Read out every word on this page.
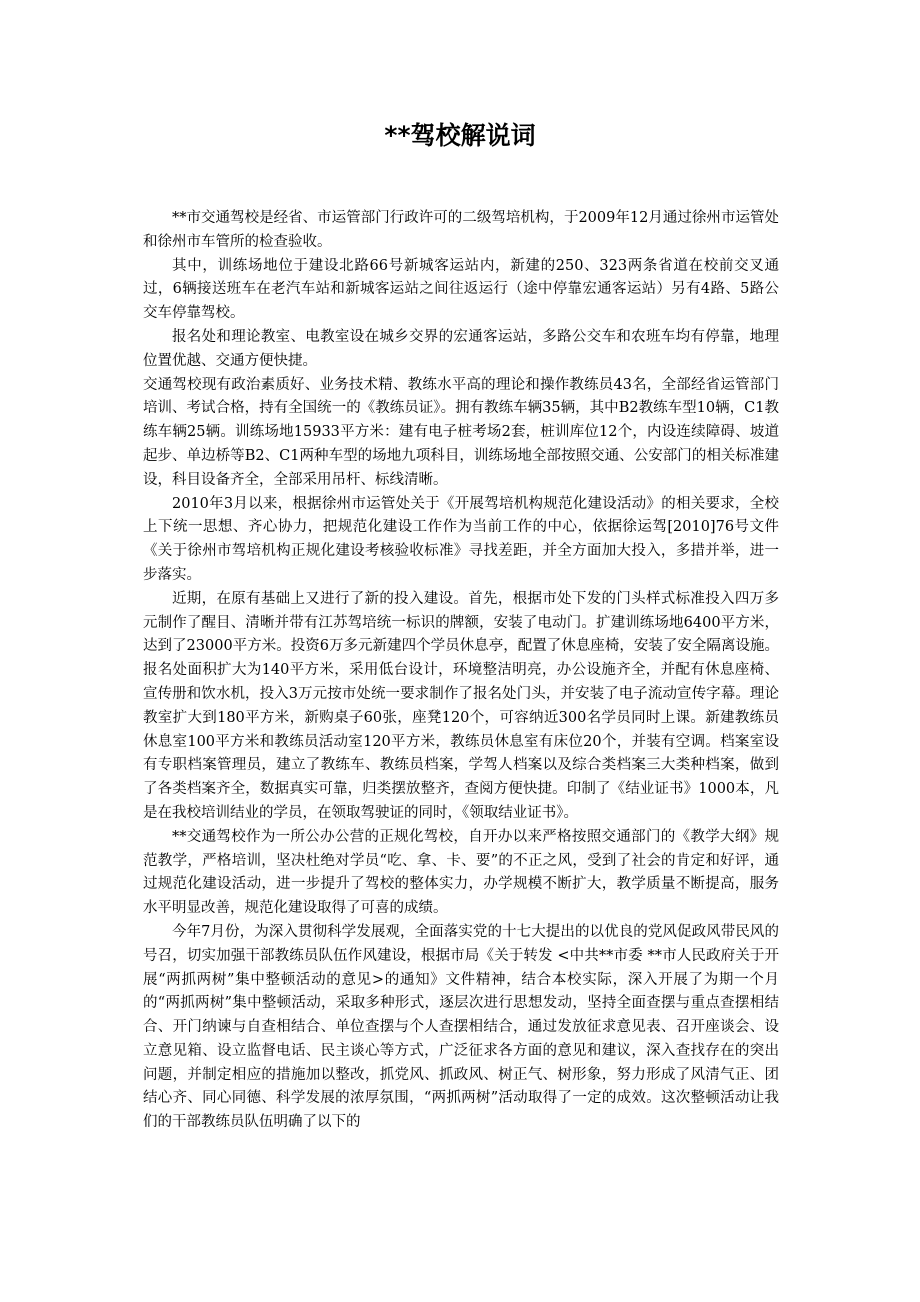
**驾校解说词

**市交通驾校是经省、市运管部门行政许可的二级驾培机构，于2009年12月通过徐州市运管处和徐州市车管所的检查验收。

其中，训练场地位于建设北路66号新城客运站内，新建的250、323两条省道在校前交叉通过，6辆接送班车在老汽车站和新城客运站之间往返运行（途中停靠宏通客运站）另有4路、5路公交车停靠驾校。

报名处和理论教室、电教室设在城乡交界的宏通客运站，多路公交车和农班车均有停靠，地理位置优越、交通方便快捷。

交通驾校现有政治素质好、业务技术精、教练水平高的理论和操作教练员43名，全部经省运管部门培训、考试合格，持有全国统一的《教练员证》。拥有教练车辆35辆，其中B2教练车型10辆，C1教练车辆25辆。训练场地15933平方米：建有电子桩考场2套，桩训库位12个，内设连续障碍、坡道起步、单边桥等B2、C1两种车型的场地九项科目，训练场地全部按照交通、公安部门的相关标准建设，科目设备齐全，全部采用吊杆、标线清晰。

2010年3月以来，根据徐州市运管处关于《开展驾培机构规范化建设活动》的相关要求，全校上下统一思想、齐心协力，把规范化建设工作作为当前工作的中心，依据徐运驾[2010]76号文件《关于徐州市驾培机构正规化建设考核验收标准》寻找差距，并全方面加大投入，多措并举，进一步落实。

近期，在原有基础上又进行了新的投入建设。首先，根据市处下发的门头样式标准投入四万多元制作了醒目、清晰并带有江苏驾培统一标识的牌额，安装了电动门。扩建训练场地6400平方米，达到了23000平方米。投资6万多元新建四个学员休息亭，配置了休息座椅，安装了安全隔离设施。报名处面积扩大为140平方米，采用低台设计，环境整洁明亮，办公设施齐全，并配有休息座椅、宣传册和饮水机，投入3万元按市处统一要求制作了报名处门头，并安装了电子流动宣传字幕。理论教室扩大到180平方米，新购桌子60张，座凳120个，可容纳近300名学员同时上课。新建教练员休息室100平方米和教练员活动室120平方米，教练员休息室有床位20个，并装有空调。档案室设有专职档案管理员，建立了教练车、教练员档案，学驾人档案以及综合类档案三大类种档案，做到了各类档案齐全，数据真实可靠，归类摆放整齐，查阅方便快捷。印制了《结业证书》1000本，凡是在我校培训结业的学员，在领取驾驶证的同时，《领取结业证书》。

**交通驾校作为一所公办公营的正规化驾校，自开办以来严格按照交通部门的《教学大纲》规范教学，严格培训，坚决杜绝对学员“吃、拿、卡、要”的不正之风，受到了社会的肯定和好评，通过规范化建设活动，进一步提升了驾校的整体实力，办学规模不断扩大，教学质量不断提高，服务水平明显改善，规范化建设取得了可喜的成绩。

今年7月份，为深入贯彻科学发展观，全面落实党的十七大提出的以优良的党风促政风带民风的号召，切实加强干部教练员队伍作风建设，根据市局《关于转发 <中共**市委 **市人民政府关于开展“两抓两树”集中整顿活动的意见>的通知》文件精神，结合本校实际，深入开展了为期一个月的“两抓两树”集中整顿活动，采取多种形式，逐层次进行思想发动，坚持全面查摆与重点查摆相结合、开门纳谏与自查相结合、单位查摆与个人查摆相结合，通过发放征求意见表、召开座谈会、设立意见箱、设立监督电话、民主谈心等方式，广泛征求各方面的意见和建议，深入查找存在的突出问题，并制定相应的措施加以整改，抓党风、抓政风、树正气、树形象，努力形成了风清气正、团结心齐、同心同德、科学发展的浓厚氛围，“两抓两树”活动取得了一定的成效。这次整顿活动让我们的干部教练员队伍明确了以下的
